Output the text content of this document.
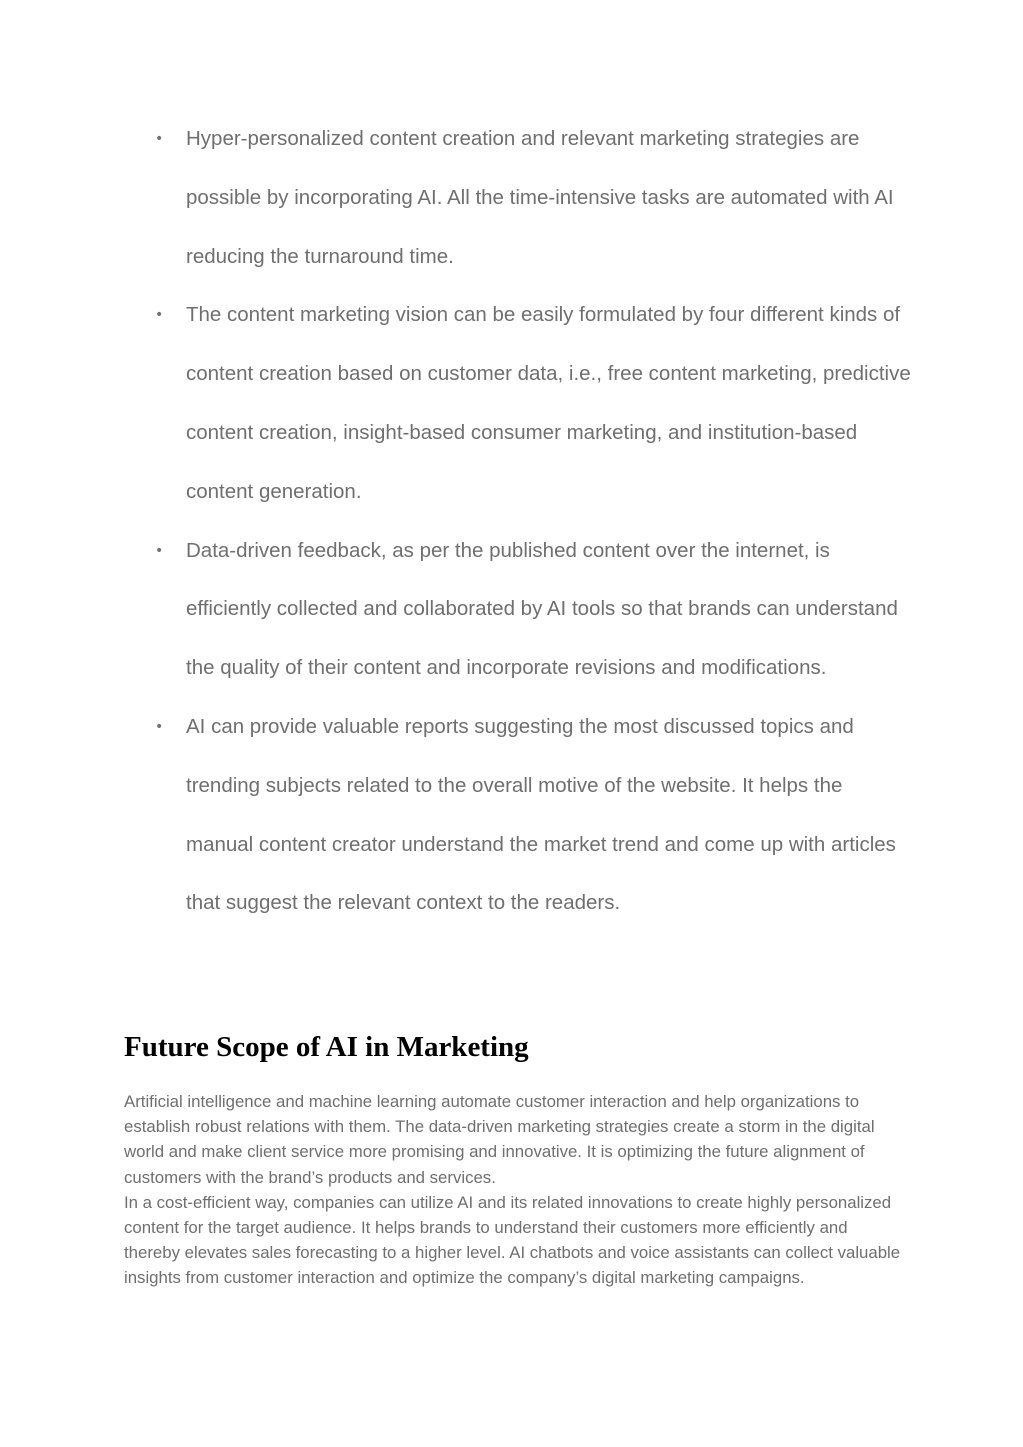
•	Hyper-personalized content creation and relevant marketing strategies are possible by incorporating AI. All the time-intensive tasks are automated with AI reducing the turnaround time.
•	The content marketing vision can be easily formulated by four different kinds of content creation based on customer data, i.e., free content marketing, predictive content creation, insight-based consumer marketing, and institution-based content generation.
•	Data-driven feedback, as per the published content over the internet, is efficiently collected and collaborated by AI tools so that brands can understand the quality of their content and incorporate revisions and modifications.
•	AI can provide valuable reports suggesting the most discussed topics and trending subjects related to the overall motive of the website. It helps the manual content creator understand the market trend and come up with articles that suggest the relevant context to the readers.
Future Scope of AI in Marketing

Artificial intelligence and machine learning automate customer interaction and help organizations to establish robust relations with them. The data-driven marketing strategies create a storm in the digital world and make client service more promising and innovative. It is optimizing the future alignment of customers with the brand’s products and services.

In a cost-efficient way, companies can utilize AI and its related innovations to create highly personalized content for the target audience. It helps brands to understand their customers more efficiently and thereby elevates sales forecasting to a higher level. AI chatbots and voice assistants can collect valuable insights from customer interaction and optimize the company’s digital marketing campaigns.
